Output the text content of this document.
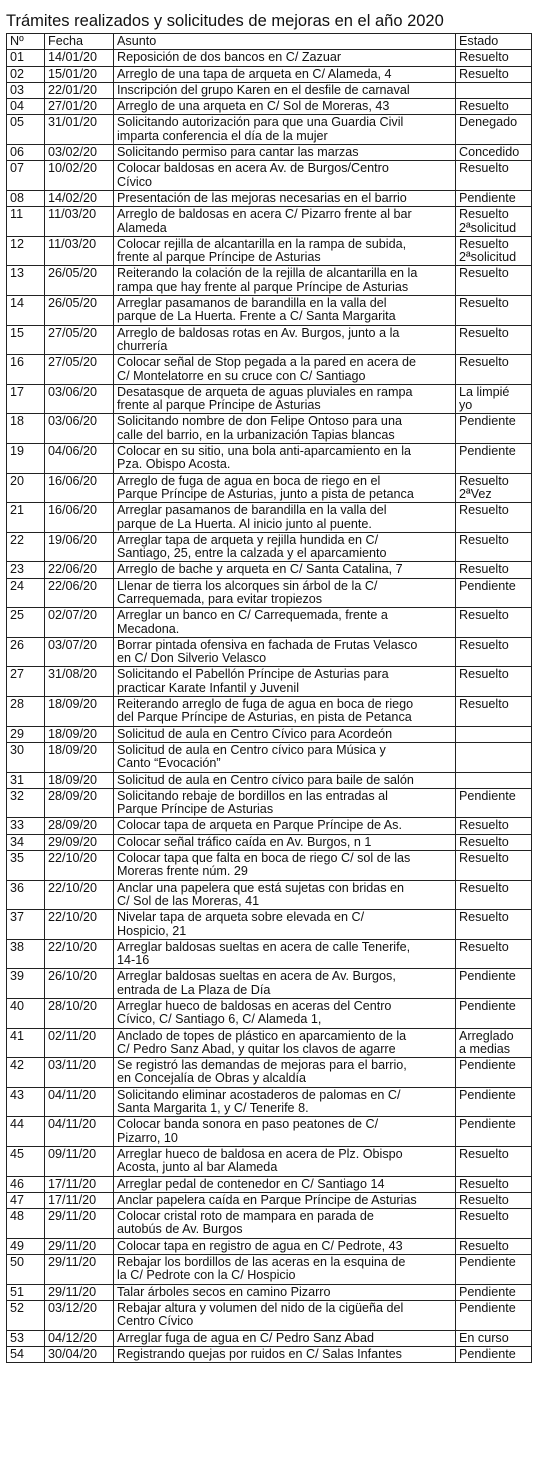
Trámites realizados y solicitudes de mejoras en el año 2020
Nº	Fecha	Asunto	Estado
01	14/01/20	Reposición de dos bancos en C/ Zazuar	Resuelto
02	15/01/20	Arreglo de una tapa de arqueta en C/ Alameda, 4	Resuelto
03	22/01/20	Inscripción del grupo Karen en el desfile de carnaval	
04	27/01/20	Arreglo de una arqueta en C/ Sol de Moreras, 43	Resuelto
05	31/01/20	Solicitando autorización para que una Guardia Civil
imparta conferencia el día de la mujer	Denegado
06	03/02/20	Solicitando permiso para cantar las marzas	Concedido
07	10/02/20	Colocar baldosas en acera Av. de Burgos/Centro
Cívico	Resuelto
08	14/02/20	Presentación de las mejoras necesarias en el barrio	Pendiente
11	11/03/20	Arreglo de baldosas en acera C/ Pizarro frente al bar
Alameda	Resuelto
2ªsolicitud
12	11/03/20	Colocar rejilla de alcantarilla en la rampa de subida,
frente al parque Príncipe de Asturias	Resuelto
2ªsolicitud
13	26/05/20	Reiterando la colación de la rejilla de alcantarilla en la
rampa que hay frente al parque Príncipe de Asturias	Resuelto
14	26/05/20	Arreglar pasamanos de barandilla en la valla del
parque de La Huerta. Frente a C/ Santa Margarita	Resuelto
15	27/05/20	Arreglo de baldosas rotas en Av. Burgos, junto a la
churrería	Resuelto
16	27/05/20	Colocar señal de Stop pegada a la pared en acera de
C/ Montelatorre en su cruce con C/ Santiago	Resuelto
17	03/06/20	Desatasque de arqueta de aguas pluviales en rampa
frente al parque Príncipe de Asturias	La limpié
yo
18	03/06/20	Solicitando nombre de don Felipe Ontoso para una
calle del barrio, en la urbanización Tapias blancas	Pendiente
19	04/06/20	Colocar en su sitio, una bola anti-aparcamiento en la
Pza. Obispo Acosta.	Pendiente
20	16/06/20	Arreglo de fuga de agua en boca de riego en el
Parque Príncipe de Asturias, junto a pista de petanca	Resuelto
2ªVez
21	16/06/20	Arreglar pasamanos de barandilla en la valla del
parque de La Huerta. Al inicio junto al puente.	Resuelto
22	19/06/20	Arreglar tapa de arqueta y rejilla hundida en C/
Santiago, 25, entre la calzada y el aparcamiento	Resuelto
23	22/06/20	Arreglo de bache y arqueta en C/ Santa Catalina, 7	Resuelto
24	22/06/20	Llenar de tierra los alcorques sin árbol de la C/
Carrequemada, para evitar tropiezos	Pendiente
25	02/07/20	Arreglar un banco en C/ Carrequemada, frente a
Mecadona.	Resuelto
26	03/07/20	Borrar pintada ofensiva en fachada de Frutas Velasco
en C/ Don Silverio Velasco	Resuelto
27	31/08/20	Solicitando el Pabellón Príncipe de Asturias para
practicar Karate Infantil y Juvenil	Resuelto
28	18/09/20	Reiterando arreglo de fuga de agua en boca de riego
del Parque Príncipe de Asturias, en pista de Petanca	Resuelto
29	18/09/20	Solicitud de aula en Centro Cívico para Acordeón	
30	18/09/20	Solicitud de aula en Centro cívico para Música y
Canto “Evocación”	
31	18/09/20	Solicitud de aula en Centro cívico para baile de salón	
32	28/09/20	Solicitando rebaje de bordillos en las entradas al
Parque Príncipe de Asturias	Pendiente
33	28/09/20	Colocar tapa de arqueta en Parque Príncipe de As.	Resuelto
34	29/09/20	Colocar señal tráfico caída en Av. Burgos, n 1	Resuelto
35	22/10/20	Colocar tapa que falta en boca de riego C/ sol de las
Moreras frente núm. 29	Resuelto
36	22/10/20	Anclar una papelera que está sujetas con bridas en
C/ Sol de las Moreras, 41	Resuelto
37	22/10/20	Nivelar tapa de arqueta sobre elevada en C/
Hospicio, 21	Resuelto
38	22/10/20	Arreglar baldosas sueltas en acera de calle Tenerife,
14-16	Resuelto
39	26/10/20	Arreglar baldosas sueltas en acera de Av. Burgos,
entrada de La Plaza de Día	Pendiente
40	28/10/20	Arreglar hueco de baldosas en aceras del Centro
Cívico, C/ Santiago 6, C/ Alameda 1,	Pendiente
41	02/11/20	Anclado de topes de plástico en aparcamiento de la
C/ Pedro Sanz Abad, y quitar los clavos de agarre	Arreglado
a medias
42	03/11/20	Se registró las demandas de mejoras para el barrio,
en Concejalía de Obras y alcaldía	Pendiente
43	04/11/20	Solicitando eliminar acostaderos de palomas en C/
Santa Margarita 1, y C/ Tenerife 8.	Pendiente
44	04/11/20	Colocar banda sonora en paso peatones de C/
Pizarro, 10	Pendiente
45	09/11/20	Arreglar hueco de baldosa en acera de Plz. Obispo
Acosta, junto al bar Alameda	Resuelto
46	17/11/20	Arreglar pedal de contenedor en C/ Santiago 14	Resuelto
47	17/11/20	Anclar papelera caída en Parque Príncipe de Asturias	Resuelto
48	29/11/20	Colocar cristal roto de mampara en parada de
autobús de Av. Burgos	Resuelto
49	29/11/20	Colocar tapa en registro de agua en C/ Pedrote, 43	Resuelto
50	29/11/20	Rebajar los bordillos de las aceras en la esquina de
la C/ Pedrote con la C/ Hospicio	Pendiente
51	29/11/20	Talar árboles secos en camino Pizarro	Pendiente
52	03/12/20	Rebajar altura y volumen del nido de la cigüeña del
Centro Cívico	Pendiente
53	04/12/20	Arreglar fuga de agua en C/ Pedro Sanz Abad	En curso
54	30/04/20	Registrando quejas por ruidos en C/ Salas Infantes	Pendiente
